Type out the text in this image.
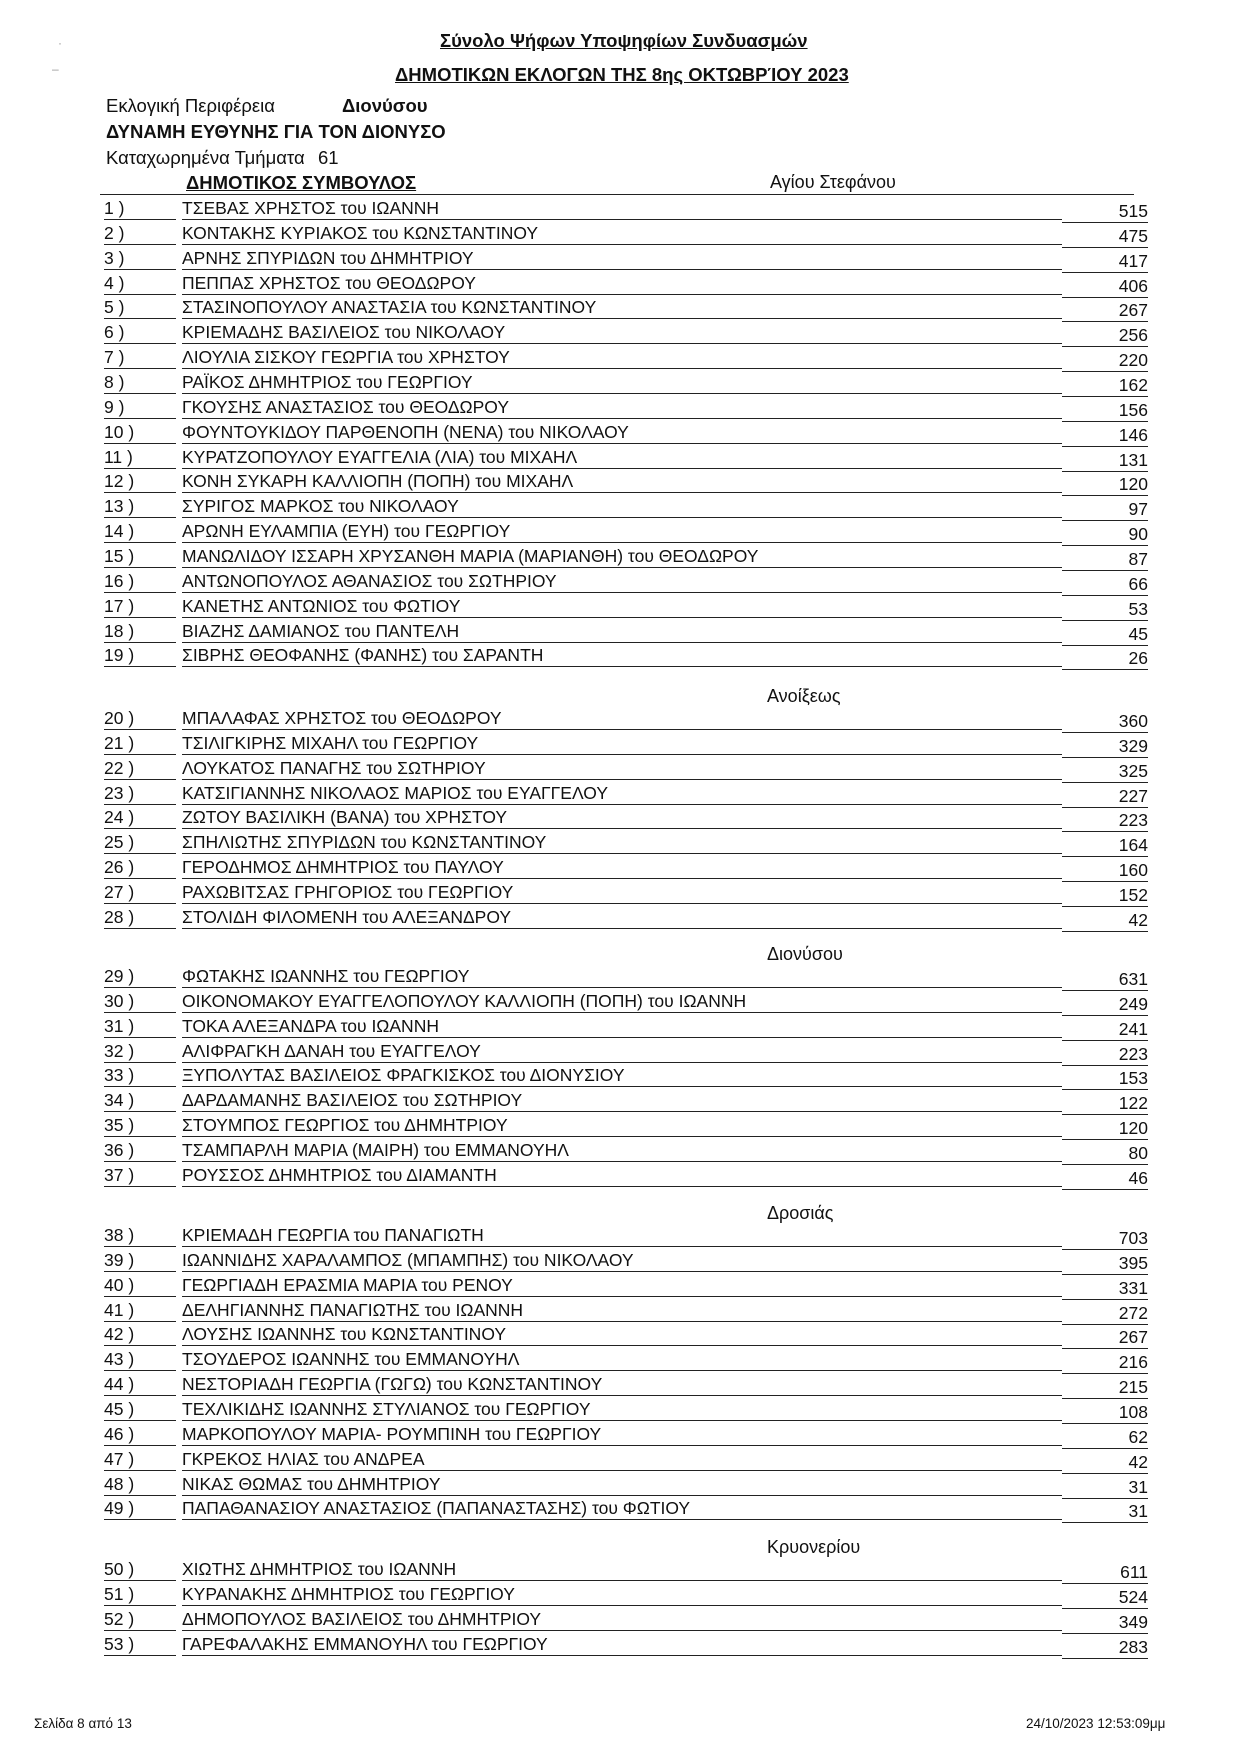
·
–
Σύνολο Ψήφων Υποψηφίων Συνδυασμών
ΔΗΜΟΤΙΚΩΝ ΕΚΛΟΓΩΝ ΤΗΣ 8ης ΟΚΤΩΒΡΊΟΥ 2023
Εκλογική Περιφέρεια	Διονύσου
ΔΥΝΑΜΗ ΕΥΘΥΝΗΣ ΓΙΑ ΤΟΝ ΔΙΟΝΥΣΟ
Καταχωρημένα Τμήματα 61
ΔΗΜΟΤΙΚΟΣ ΣΥΜΒΟΥΛΟΣ	Αγίου Στεφάνου
Ανοίξεως
Διονύσου
Δροσιάς
Κρυονερίου
1 )	ΤΣΕΒΑΣ ΧΡΗΣΤΟΣ του ΙΩΑΝΝΗ	515
2 )	ΚΟΝΤΑΚΗΣ ΚΥΡΙΑΚΟΣ του ΚΩΝΣΤΑΝΤΙΝΟΥ	475
3 )	ΑΡΝΗΣ ΣΠΥΡΙΔΩΝ του ΔΗΜΗΤΡΙΟΥ	417
4 )	ΠΕΠΠΑΣ ΧΡΗΣΤΟΣ του ΘΕΟΔΩΡΟΥ	406
5 )	ΣΤΑΣΙΝΟΠΟΥΛΟΥ ΑΝΑΣΤΑΣΙΑ του ΚΩΝΣΤΑΝΤΙΝΟΥ	267
6 )	ΚΡΙΕΜΑΔΗΣ ΒΑΣΙΛΕΙΟΣ του ΝΙΚΟΛΑΟΥ	256
7 )	ΛΙΟΥΛΙΑ ΣΙΣΚΟΥ ΓΕΩΡΓΙΑ του ΧΡΗΣΤΟΥ	220
8 )	ΡΑΪΚΟΣ ΔΗΜΗΤΡΙΟΣ του ΓΕΩΡΓΙΟΥ	162
9 )	ΓΚΟΥΣΗΣ ΑΝΑΣΤΑΣΙΟΣ του ΘΕΟΔΩΡΟΥ	156
10 )	ΦΟΥΝΤΟΥΚΙΔΟΥ ΠΑΡΘΕΝΟΠΗ (ΝΕΝΑ) του ΝΙΚΟΛΑΟΥ	146
11 )	ΚΥΡΑΤΖΟΠΟΥΛΟΥ ΕΥΑΓΓΕΛΙΑ (ΛΙΑ) του ΜΙΧΑΗΛ	131
12 )	ΚΟΝΗ ΣΥΚΑΡΗ ΚΑΛΛΙΟΠΗ (ΠΟΠΗ) του ΜΙΧΑΗΛ	120
13 )	ΣΥΡΙΓΟΣ ΜΑΡΚΟΣ του ΝΙΚΟΛΑΟΥ	97
14 )	ΑΡΩΝΗ ΕΥΛΑΜΠΙΑ (ΕΥΗ) του ΓΕΩΡΓΙΟΥ	90
15 )	ΜΑΝΩΛΙΔΟΥ ΙΣΣΑΡΗ ΧΡΥΣΑΝΘΗ ΜΑΡΙΑ (ΜΑΡΙΑΝΘΗ) του ΘΕΟΔΩΡΟΥ	87
16 )	ΑΝΤΩΝΟΠΟΥΛΟΣ ΑΘΑΝΑΣΙΟΣ του ΣΩΤΗΡΙΟΥ	66
17 )	ΚΑΝΕΤΗΣ ΑΝΤΩΝΙΟΣ του ΦΩΤΙΟΥ	53
18 )	ΒΙΑΖΗΣ ΔΑΜΙΑΝΟΣ του ΠΑΝΤΕΛΗ	45
19 )	ΣΙΒΡΗΣ ΘΕΟΦΑΝΗΣ (ΦΑΝΗΣ) του ΣΑΡΑΝΤΗ	26
20 )	ΜΠΑΛΑΦΑΣ ΧΡΗΣΤΟΣ του ΘΕΟΔΩΡΟΥ	360
21 )	ΤΣΙΛΙΓΚΙΡΗΣ ΜΙΧΑΗΛ του ΓΕΩΡΓΙΟΥ	329
22 )	ΛΟΥΚΑΤΟΣ ΠΑΝΑΓΗΣ του ΣΩΤΗΡΙΟΥ	325
23 )	ΚΑΤΣΙΓΙΑΝΝΗΣ ΝΙΚΟΛΑΟΣ ΜΑΡΙΟΣ του ΕΥΑΓΓΕΛΟΥ	227
24 )	ΖΩΤΟΥ ΒΑΣΙΛΙΚΗ (ΒΑΝΑ) του ΧΡΗΣΤΟΥ	223
25 )	ΣΠΗΛΙΩΤΗΣ ΣΠΥΡΙΔΩΝ του ΚΩΝΣΤΑΝΤΙΝΟΥ	164
26 )	ΓΕΡΟΔΗΜΟΣ ΔΗΜΗΤΡΙΟΣ του ΠΑΥΛΟΥ	160
27 )	ΡΑΧΩΒΙΤΣΑΣ ΓΡΗΓΟΡΙΟΣ του ΓΕΩΡΓΙΟΥ	152
28 )	ΣΤΟΛΙΔΗ ΦΙΛΟΜΕΝΗ του ΑΛΕΞΑΝΔΡΟΥ	42
29 )	ΦΩΤΑΚΗΣ ΙΩΑΝΝΗΣ του ΓΕΩΡΓΙΟΥ	631
30 )	ΟΙΚΟΝΟΜΑΚΟΥ ΕΥΑΓΓΕΛΟΠΟΥΛΟΥ ΚΑΛΛΙΟΠΗ (ΠΟΠΗ) του ΙΩΑΝΝΗ	249
31 )	ΤΟΚΑ ΑΛΕΞΑΝΔΡΑ του ΙΩΑΝΝΗ	241
32 )	ΑΛΙΦΡΑΓΚΗ ΔΑΝΑΗ του ΕΥΑΓΓΕΛΟΥ	223
33 )	ΞΥΠΟΛΥΤΑΣ ΒΑΣΙΛΕΙΟΣ ΦΡΑΓΚΙΣΚΟΣ του ΔΙΟΝΥΣΙΟΥ	153
34 )	ΔΑΡΔΑΜΑΝΗΣ ΒΑΣΙΛΕΙΟΣ του ΣΩΤΗΡΙΟΥ	122
35 )	ΣΤΟΥΜΠΟΣ ΓΕΩΡΓΙΟΣ του ΔΗΜΗΤΡΙΟΥ	120
36 )	ΤΣΑΜΠΑΡΛΗ ΜΑΡΙΑ (ΜΑΙΡΗ) του ΕΜΜΑΝΟΥΗΛ	80
37 )	ΡΟΥΣΣΟΣ ΔΗΜΗΤΡΙΟΣ του ΔΙΑΜΑΝΤΗ	46
38 )	ΚΡΙΕΜΑΔΗ ΓΕΩΡΓΙΑ του ΠΑΝΑΓΙΩΤΗ	703
39 )	ΙΩΑΝΝΙΔΗΣ ΧΑΡΑΛΑΜΠΟΣ (ΜΠΑΜΠΗΣ) του ΝΙΚΟΛΑΟΥ	395
40 )	ΓΕΩΡΓΙΑΔΗ ΕΡΑΣΜΙΑ ΜΑΡΙΑ του ΡΕΝΟΥ	331
41 )	ΔΕΛΗΓΙΑΝΝΗΣ ΠΑΝΑΓΙΩΤΗΣ του ΙΩΑΝΝΗ	272
42 )	ΛΟΥΣΗΣ ΙΩΑΝΝΗΣ του ΚΩΝΣΤΑΝΤΙΝΟΥ	267
43 )	ΤΣΟΥΔΕΡΟΣ ΙΩΑΝΝΗΣ του ΕΜΜΑΝΟΥΗΛ	216
44 )	ΝΕΣΤΟΡΙΑΔΗ ΓΕΩΡΓΙΑ (ΓΩΓΩ) του ΚΩΝΣΤΑΝΤΙΝΟΥ	215
45 )	ΤΕΧΛΙΚΙΔΗΣ ΙΩΑΝΝΗΣ ΣΤΥΛΙΑΝΟΣ του ΓΕΩΡΓΙΟΥ	108
46 )	ΜΑΡΚΟΠΟΥΛΟΥ ΜΑΡΙΑ- ΡΟΥΜΠΙΝΗ του ΓΕΩΡΓΙΟΥ	62
47 )	ΓΚΡΕΚΟΣ ΗΛΙΑΣ του ΑΝΔΡΕΑ	42
48 )	ΝΙΚΑΣ ΘΩΜΑΣ του ΔΗΜΗΤΡΙΟΥ	31
49 )	ΠΑΠΑΘΑΝΑΣΙΟΥ ΑΝΑΣΤΑΣΙΟΣ (ΠΑΠΑΝΑΣΤΑΣΗΣ) του ΦΩΤΙΟΥ	31
50 )	ΧΙΩΤΗΣ ΔΗΜΗΤΡΙΟΣ του ΙΩΑΝΝΗ	611
51 )	ΚΥΡΑΝΑΚΗΣ ΔΗΜΗΤΡΙΟΣ του ΓΕΩΡΓΙΟΥ	524
52 )	ΔΗΜΟΠΟΥΛΟΣ ΒΑΣΙΛΕΙΟΣ του ΔΗΜΗΤΡΙΟΥ	349
53 )	ΓΑΡΕΦΑΛΑΚΗΣ ΕΜΜΑΝΟΥΗΛ του ΓΕΩΡΓΙΟΥ	283
Σελίδα 8 από 13	24/10/2023 12:53:09μμ
